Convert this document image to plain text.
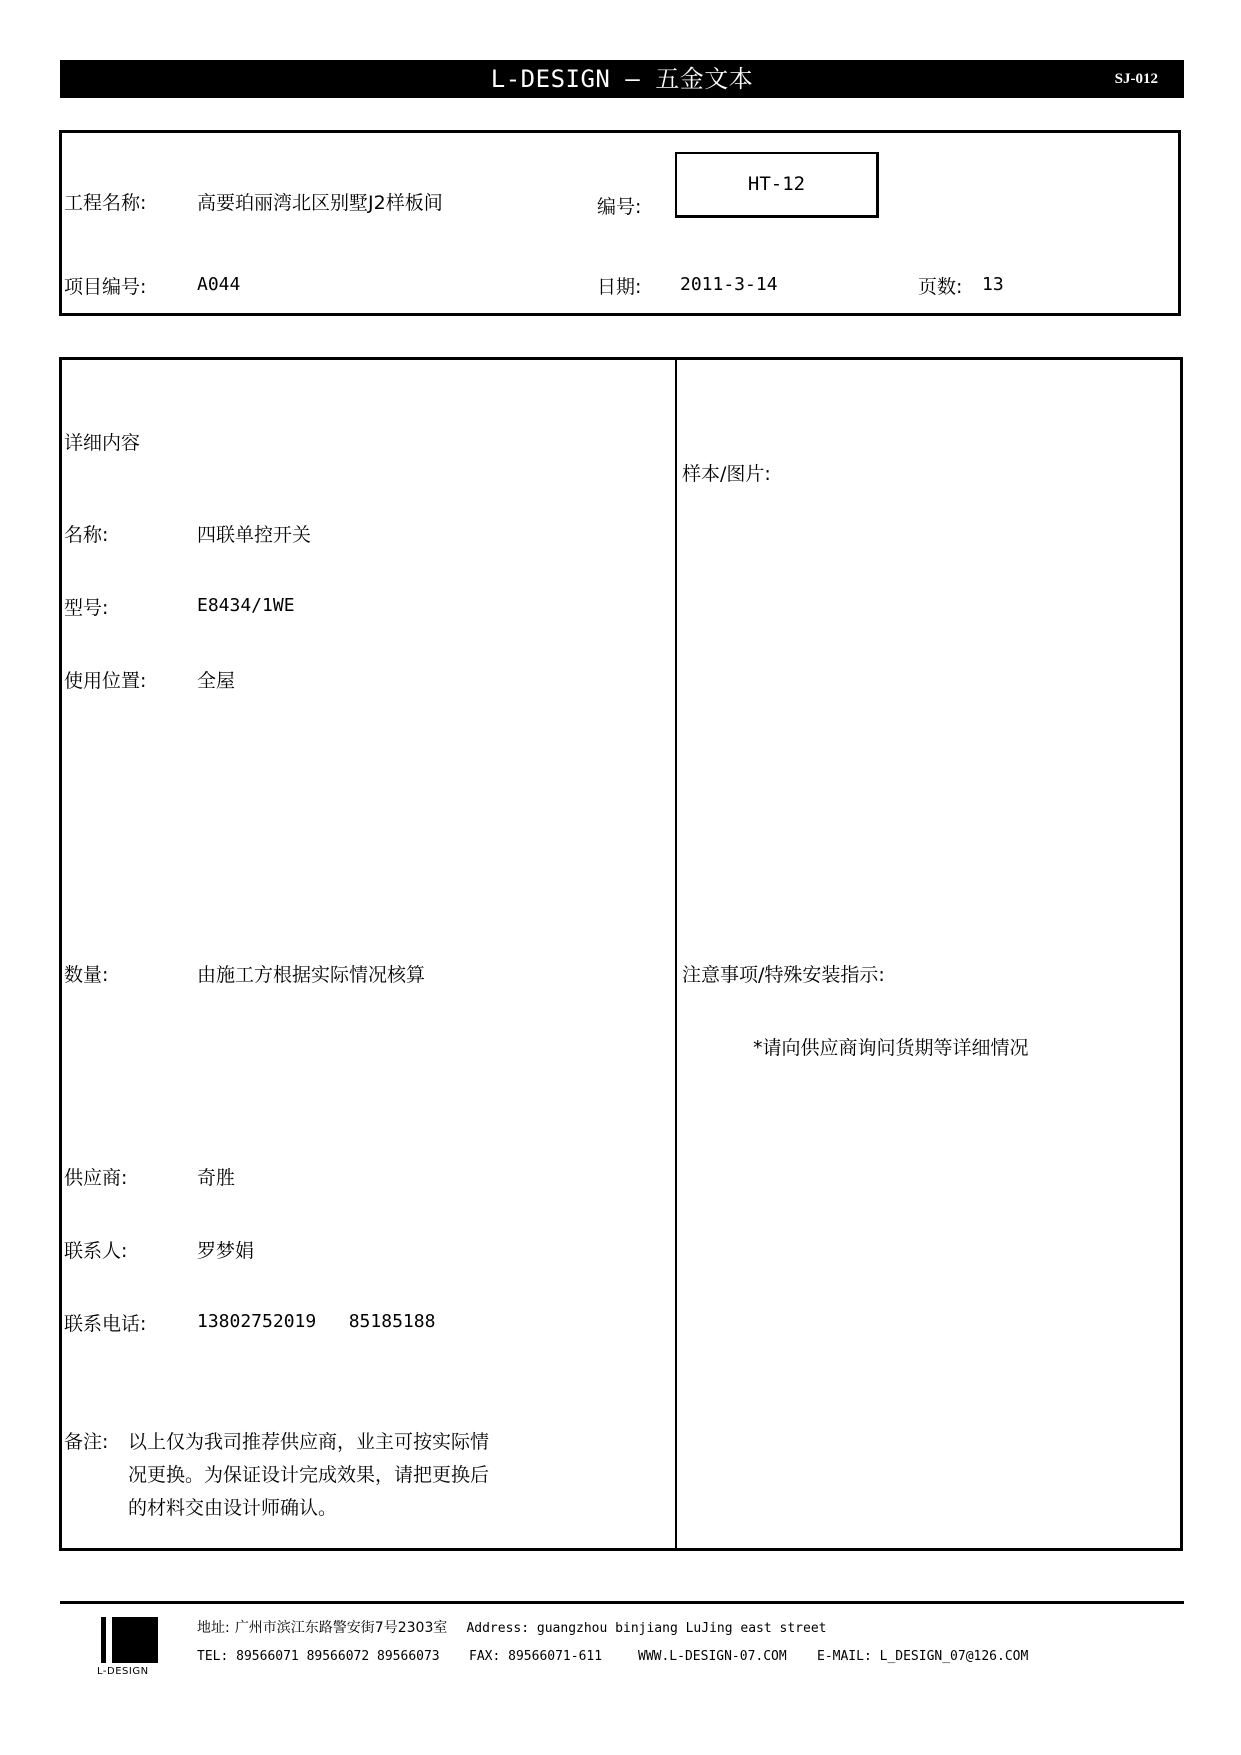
L-DESIGN — 五金文本	SJ-012
工程名称:	高要珀丽湾北区别墅J2样板间	编号:
HT-12
项目编号:	A044	日期: 2011-3-14	页数: 13
详细内容
名称:	四联单控开关
型号:	E8434/1WE
使用位置:	全屋
数量:	由施工方根据实际情况核算
供应商:	奇胜
联系人:	罗梦娟
联系电话:	13802752019   85185188
备注: 以上仅为我司推荐供应商，业主可按实际情
况更换。为保证设计完成效果，请把更换后
的材料交由设计师确认。
样本/图片:
注意事项/特殊安装指示:
*请向供应商询问货期等详细情况
L-DESIGN
地址: 广州市滨江东路警安街7号2303室 Address: guangzhou binjiang LuJing east street
TEL: 89566071 89566072 89566073 FAX: 89566071-611	WWW.L-DESIGN-07.COM E-MAIL: L_DESIGN_07@126.COM
